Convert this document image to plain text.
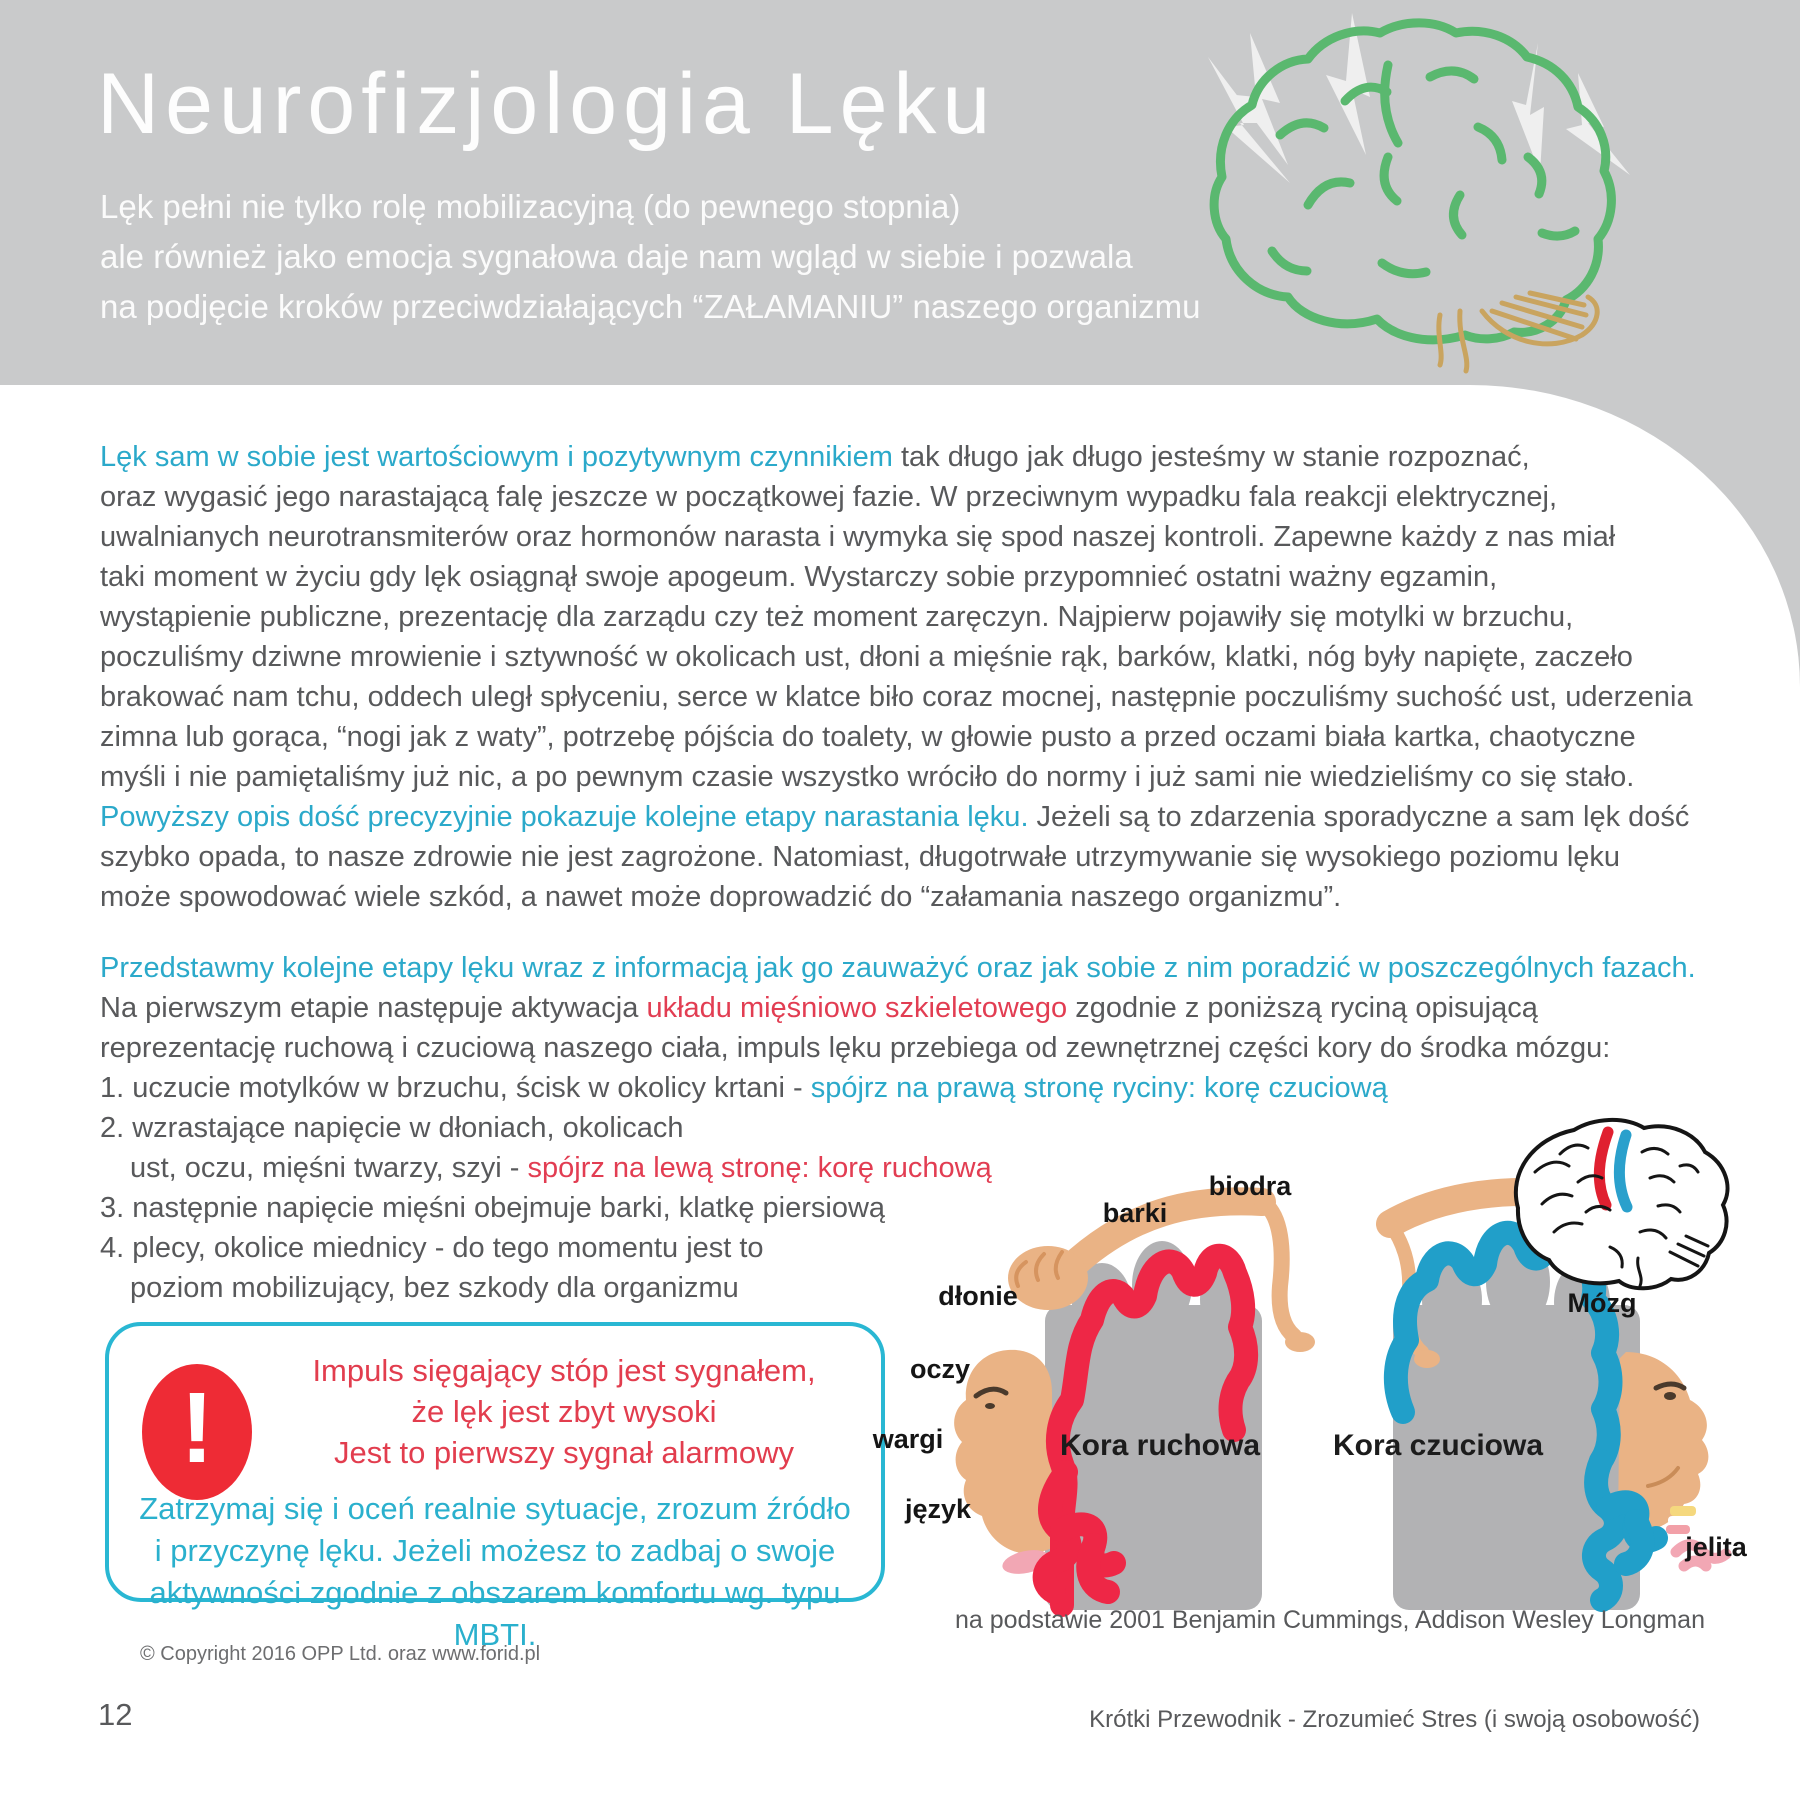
Neurofizjologia Lęku
Lęk pełni nie tylko rolę mobilizacyjną (do pewnego stopnia)
ale również jako emocja sygnałowa daje nam wgląd w siebie i pozwala
na podjęcie kroków przeciwdziałających “ZAŁAMANIU” naszego organizmu
Lęk sam w sobie jest wartościowym i pozytywnym czynnikiem tak długo jak długo jesteśmy w stanie rozpoznać,
oraz wygasić jego narastającą falę jeszcze w początkowej fazie. W przeciwnym wypadku fala reakcji elektrycznej,
uwalnianych neurotransmiterów oraz hormonów narasta i wymyka się spod naszej kontroli. Zapewne każdy z nas miał
taki moment w życiu gdy lęk osiągnął swoje apogeum. Wystarczy sobie przypomnieć ostatni ważny egzamin,
wystąpienie publiczne, prezentację dla zarządu czy też moment zaręczyn. Najpierw pojawiły się motylki w brzuchu,
poczuliśmy dziwne mrowienie i sztywność w okolicach ust, dłoni a mięśnie rąk, barków, klatki, nóg były napięte, zaczeło
brakować nam tchu, oddech uległ spłyceniu, serce w klatce biło coraz mocnej, następnie poczuliśmy suchość ust, uderzenia
zimna lub gorąca, “nogi jak z waty”, potrzebę pójścia do toalety, w głowie pusto a przed oczami biała kartka, chaotyczne
myśli i nie pamiętaliśmy już nic, a po pewnym czasie wszystko wróciło do normy i już sami nie wiedzieliśmy co się stało.
Powyższy opis dość precyzyjnie pokazuje kolejne etapy narastania lęku. Jeżeli są to zdarzenia sporadyczne a sam lęk dość
szybko opada, to nasze zdrowie nie jest zagrożone. Natomiast, długotrwałe utrzymywanie się wysokiego poziomu lęku
może spowodować wiele szkód, a nawet może doprowadzić do “załamania naszego organizmu”.
Przedstawmy kolejne etapy lęku wraz z informacją jak go zauważyć oraz jak sobie z nim poradzić w poszczególnych fazach.
Na pierwszym etapie następuje aktywacja układu mięśniowo szkieletowego zgodnie z poniższą ryciną opisującą
reprezentację ruchową i czuciową naszego ciała, impuls lęku przebiega od zewnętrznej części kory do środka mózgu:
1. uczucie motylków w brzuchu, ścisk w okolicy krtani - spójrz na prawą stronę ryciny: korę czuciową
2. wzrastające napięcie w dłoniach, okolicach
ust, oczu, mięśni twarzy, szyi - spójrz na lewą stronę: korę ruchową
3. następnie napięcie mięśni obejmuje barki, klatkę piersiową
4. plecy, okolice miednicy - do tego momentu jest to
poziom mobilizujący, bez szkody dla organizmu
!
Impuls sięgający stóp jest sygnałem,
że lęk jest zbyt wysoki
Jest to pierwszy sygnał alarmowy
Zatrzymaj się i oceń realnie sytuacje, zrozum źródło
i przyczynę lęku. Jeżeli możesz to zadbaj o swoje
aktywności zgodnie z obszarem komfortu wg. typu MBTI.
Kora ruchowa Kora czuciowa
biodra
barki
dłonie
oczy
wargi
język
jelita
Mózg
na podstawie 2001 Benjamin Cummings, Addison Wesley Longman
© Copyright 2016 OPP Ltd. oraz www.forid.pl
12	Krótki Przewodnik - Zrozumieć Stres (i swoją osobowość)
